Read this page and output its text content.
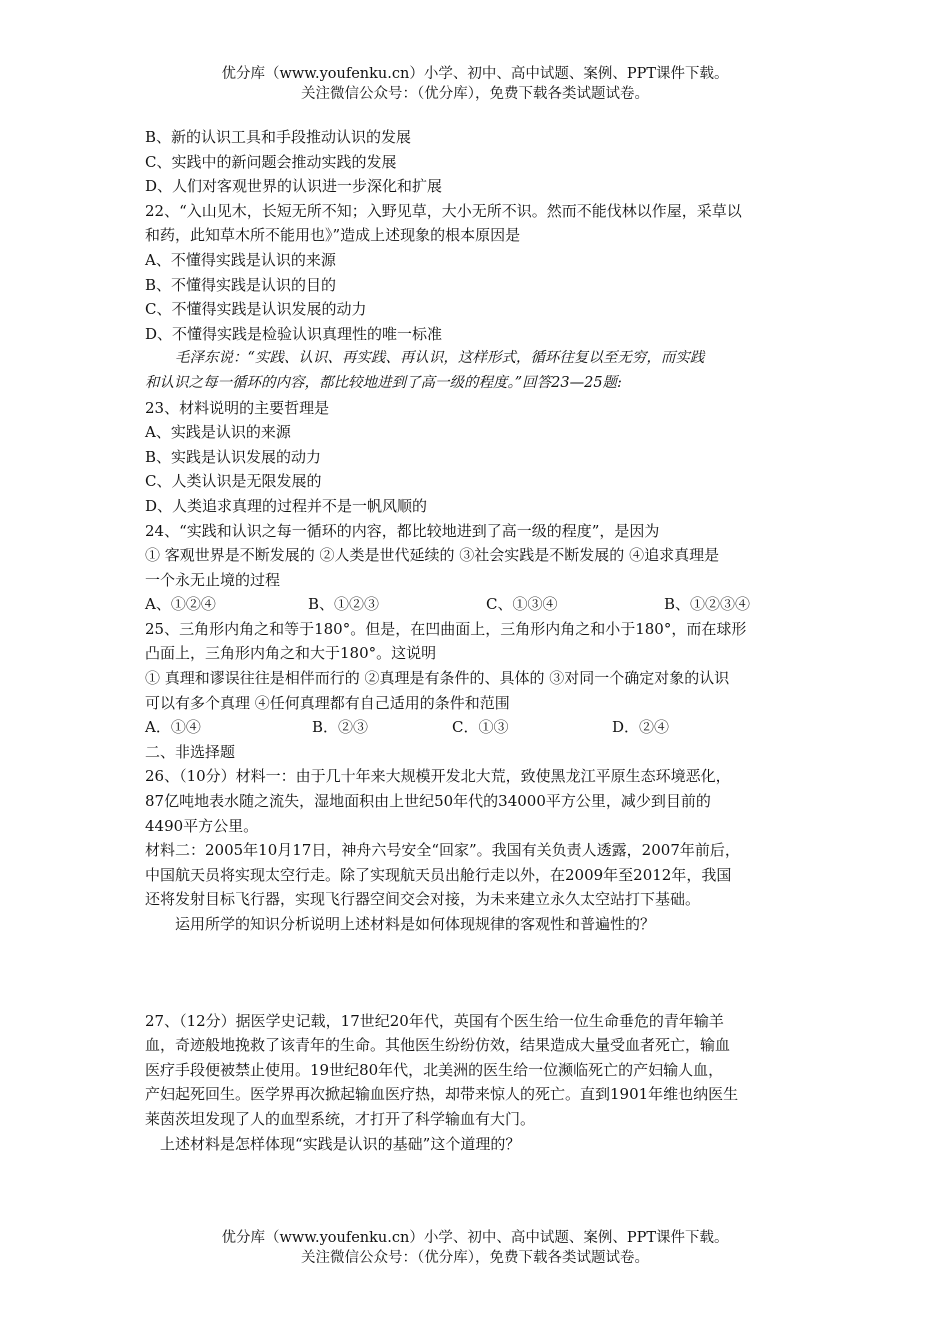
优分库（www.youfenku.cn）小学、初中、高中试题、案例、PPT课件下载。
关注微信公众号：（优分库），免费下载各类试题试卷。

B、新的认识工具和手段推动认识的发展

C、实践中的新问题会推动实践的发展

D、人们对客观世界的认识进一步深化和扩展

22、“入山见木，长短无所不知；入野见草，大小无所不识。然而不能伐林以作屋，采草以

和药，此知草木所不能用也》”造成上述现象的根本原因是

A、不懂得实践是认识的来源

B、不懂得实践是认识的目的

C、不懂得实践是认识发展的动力

D、不懂得实践是检验认识真理性的唯一标准

毛泽东说：“实践、认识、再实践、再认识，这样形式，循环往复以至无穷，而实践

和认识之每一循环的内容，都比较地进到了高一级的程度。”回答23—25题:

23、材料说明的主要哲理是

A、实践是认识的来源

B、实践是认识发展的动力

C、人类认识是无限发展的

D、人类追求真理的过程并不是一帆风顺的

24、“实践和认识之每一循环的内容，都比较地进到了高一级的程度”，是因为

① 客观世界是不断发展的 ②人类是世代延续的 ③社会实践是不断发展的 ④追求真理是

一个永无止境的过程

A、①②④	B、①②③	C、①③④	B、①②③④

25、三角形内角之和等于180°。但是，在凹曲面上，三角形内角之和小于180°，而在球形

凸面上，三角形内角之和大于180°。这说明

① 真理和谬误往往是相伴而行的 ②真理是有条件的、具体的 ③对同一个确定对象的认识

可以有多个真理 ④任何真理都有自己适用的条件和范围

A．①④	B．②③	C．①③	D．②④

二、非选择题

26、（10分）材料一：由于几十年来大规模开发北大荒，致使黑龙江平原生态环境恶化，

87亿吨地表水随之流失，湿地面积由上世纪50年代的34000平方公里，减少到目前的

4490平方公里。

材料二：2005年10月17日，神舟六号安全“回家”。我国有关负责人透露，2007年前后，

中国航天员将实现太空行走。除了实现航天员出舱行走以外，在2009年至2012年，我国

还将发射目标飞行器，实现飞行器空间交会对接，为未来建立永久太空站打下基础。

运用所学的知识分析说明上述材料是如何体现规律的客观性和普遍性的？

27、（12分）据医学史记载，17世纪20年代，英国有个医生给一位生命垂危的青年输羊

血，奇迹般地挽救了该青年的生命。其他医生纷纷仿效，结果造成大量受血者死亡，输血

医疗手段便被禁止使用。19世纪80年代，北美洲的医生给一位濒临死亡的产妇输人血，

产妇起死回生。医学界再次掀起输血医疗热，却带来惊人的死亡。直到1901年维也纳医生

莱茵茨坦发现了人的血型系统，才打开了科学输血有大门。

上述材料是怎样体现“实践是认识的基础”这个道理的？

优分库（www.youfenku.cn）小学、初中、高中试题、案例、PPT课件下载。
关注微信公众号：（优分库），免费下载各类试题试卷。
